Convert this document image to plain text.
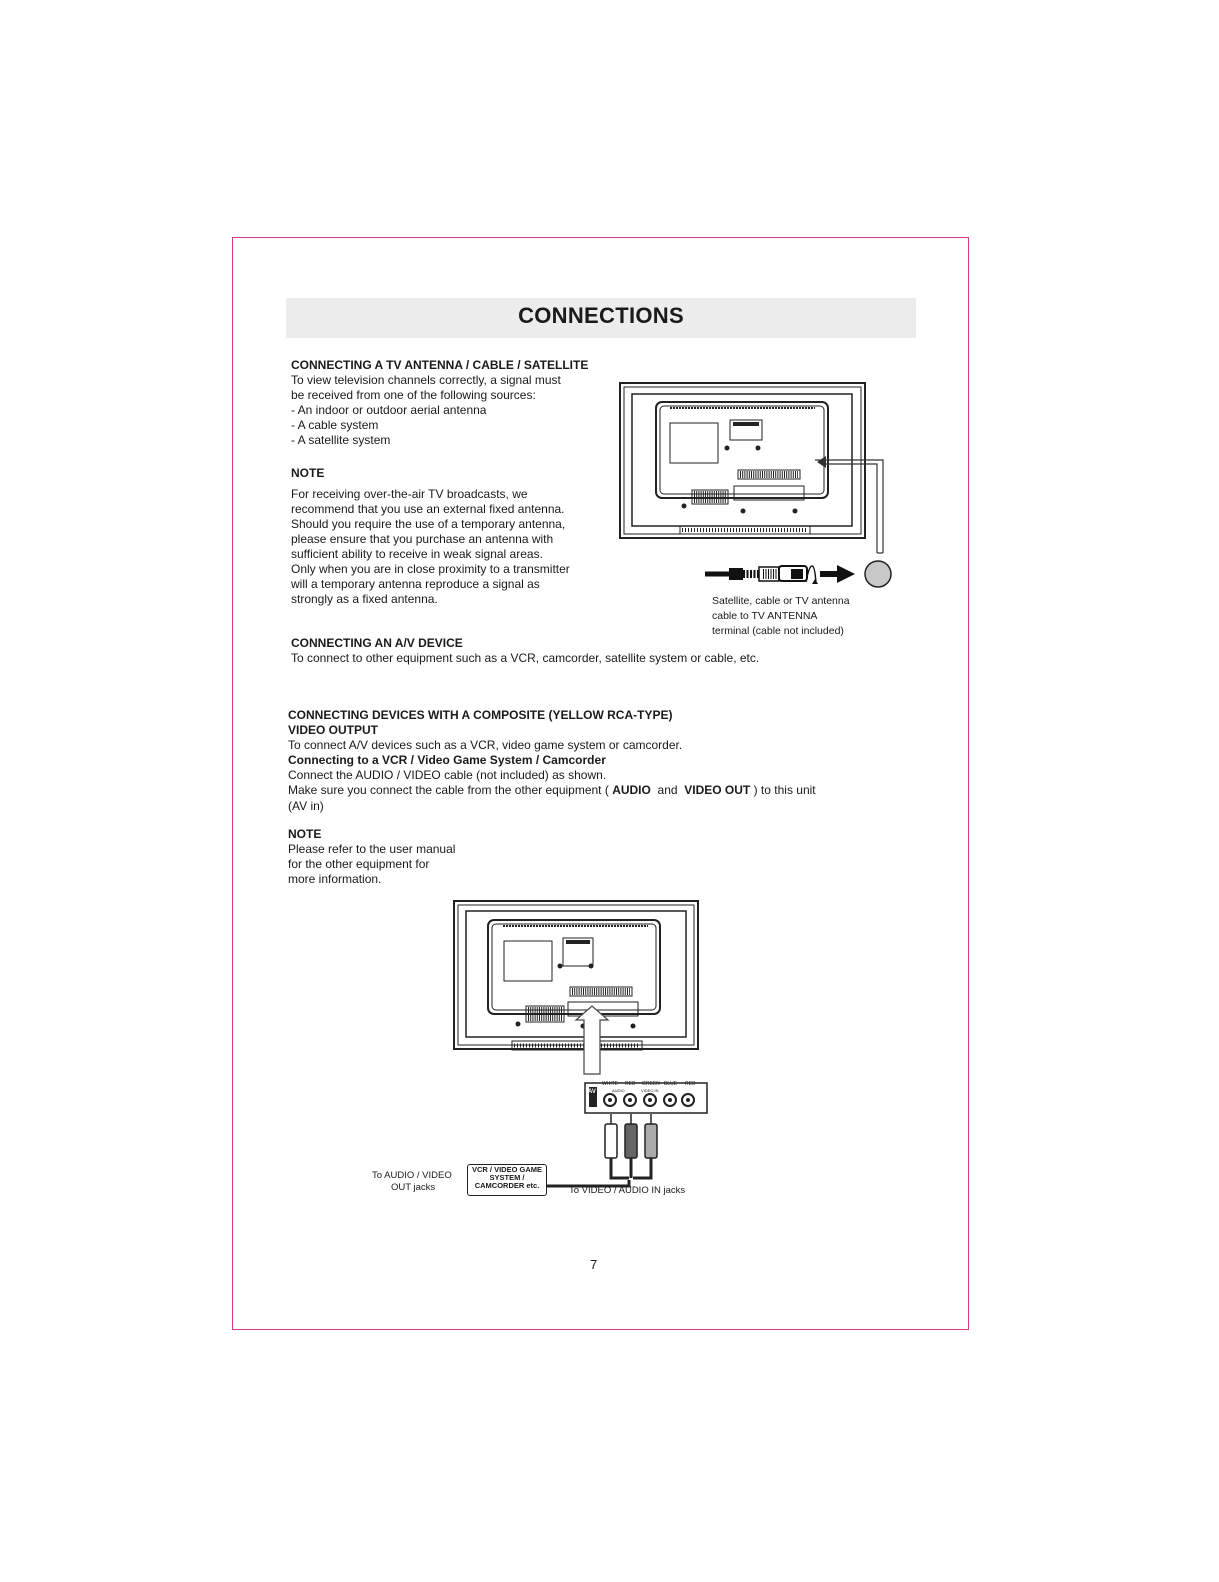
CONNECTIONS
CONNECTING A TV ANTENNA / CABLE / SATELLITE
To view television channels correctly, a signal must
be received from one of the following sources:
- An indoor or outdoor aerial antenna
- A cable system
- A satellite system
NOTE
For receiving over-the-air TV broadcasts, we
recommend that you use an external fixed antenna.
Should you require the use of a temporary antenna,
please ensure that you purchase an antenna with
sufficient ability to receive in weak signal areas.
Only when you are in close proximity to a transmitter
will a temporary antenna reproduce a signal as
strongly as a fixed antenna.	Satellite, cable or TV antenna
cable to TV ANTENNA
terminal (cable not included)
CONNECTING AN A/V DEVICE
To connect to other equipment such as a VCR, camcorder, satellite system or cable, etc.
CONNECTING DEVICES WITH A COMPOSITE (YELLOW RCA-TYPE)
VIDEO OUTPUT
To connect A/V devices such as a VCR, video game system or camcorder.
Connecting to a VCR / Video Game System / Camcorder
Connect the AUDIO / VIDEO cable (not included) as shown.
Make sure you connect the cable from the other equipment ( AUDIO and VIDEO OUT ) to this unit
(AV in)
NOTE
Please refer to the user manual
for the other equipment for
more information.
AV
WHITE RED GREEN BLUE RED
AUDIO	VIDEO IN
VCR / VIDEO GAME
SYSTEM /
CAMCORDER etc.
To AUDIO / VIDEO
OUT jacks	To VIDEO / AUDIO IN jacks
7
